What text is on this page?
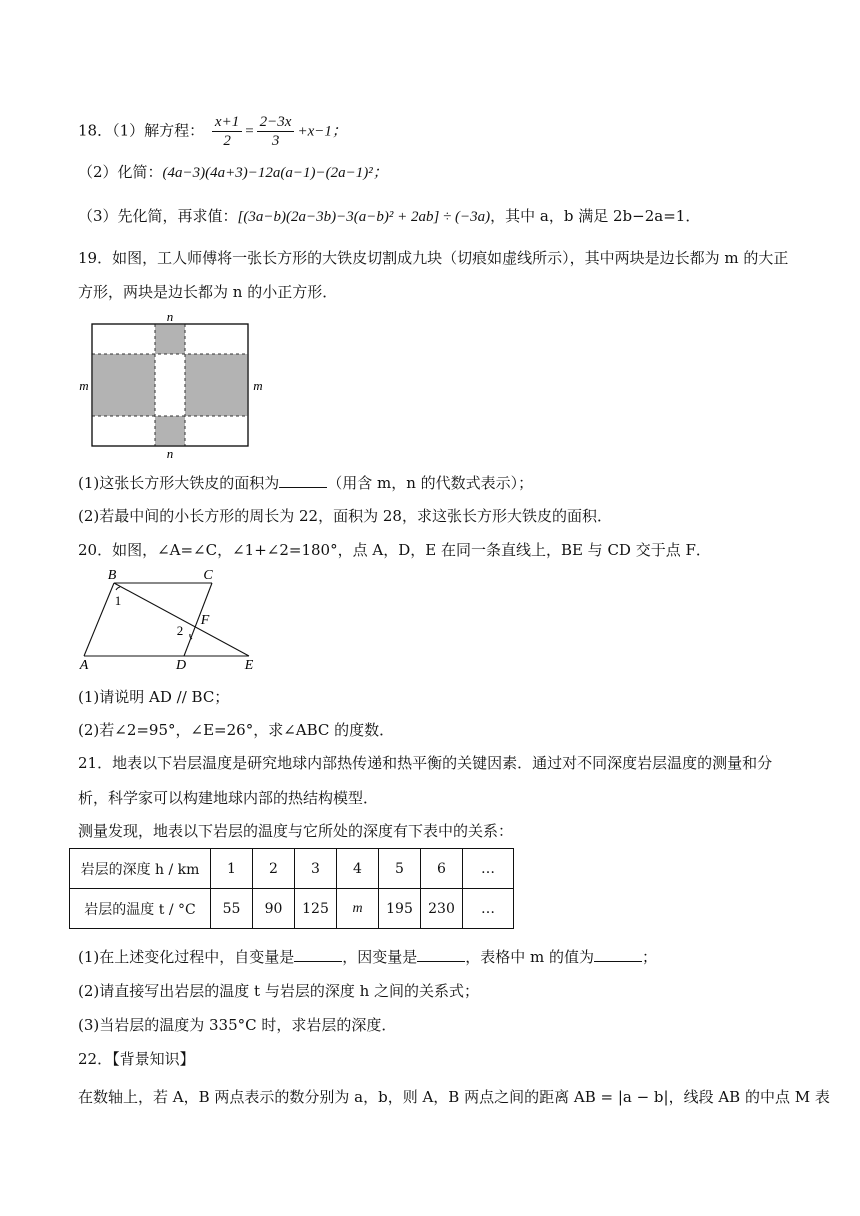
18．（1）解方程： $\frac{x+1}{2} = \frac{2-3x}{3} +x-1$；
（2）化简：(4a−3)(4a+3)−12a(a−1)−(2a−1)²；
（3）先化简，再求值：[(3a−b)(2a−3b)−3(a−b)² + 2ab] ÷ (−3a)，其中 a，b 满足 2b−2a=1．
19．如图，工人师傅将一张长方形的大铁皮切割成九块（切痕如虚线所示），其中两块是边长都为 m 的大正
方形，两块是边长都为 n 的小正方形．
n
n
m	m
(1)这张长方形大铁皮的面积为	（用含 m，n 的代数式表示）；
(2)若最中间的小长方形的周长为 22，面积为 28，求这张长方形大铁皮的面积．
20．如图，∠A=∠C，∠1+∠2=180°，点 A，D，E 在同一条直线上，BE 与 CD 交于点 F．
B	C
A	D	E
F
1
2
(1)请说明 AD // BC；
(2)若∠2=95°，∠E=26°，求∠ABC 的度数．
21．地表以下岩层温度是研究地球内部热传递和热平衡的关键因素．通过对不同深度岩层温度的测量和分
析，科学家可以构建地球内部的热结构模型．
测量发现，地表以下岩层的温度与它所处的深度有下表中的关系：
岩层的深度 h / km	1	2	3	4	5	6	…
岩层的温度 t / °C	55	90	125	m	195	230	…
(1)在上述变化过程中，自变量是	，因变量是	，表格中 m 的值为	；
(2)请直接写出岩层的温度 t 与岩层的深度 h 之间的关系式；
(3)当岩层的温度为 335°C 时，求岩层的深度．
22．【背景知识】
在数轴上，若 A，B 两点表示的数分别为 a，b，则 A，B 两点之间的距离 AB = |a − b|，线段 AB 的中点 M 表
